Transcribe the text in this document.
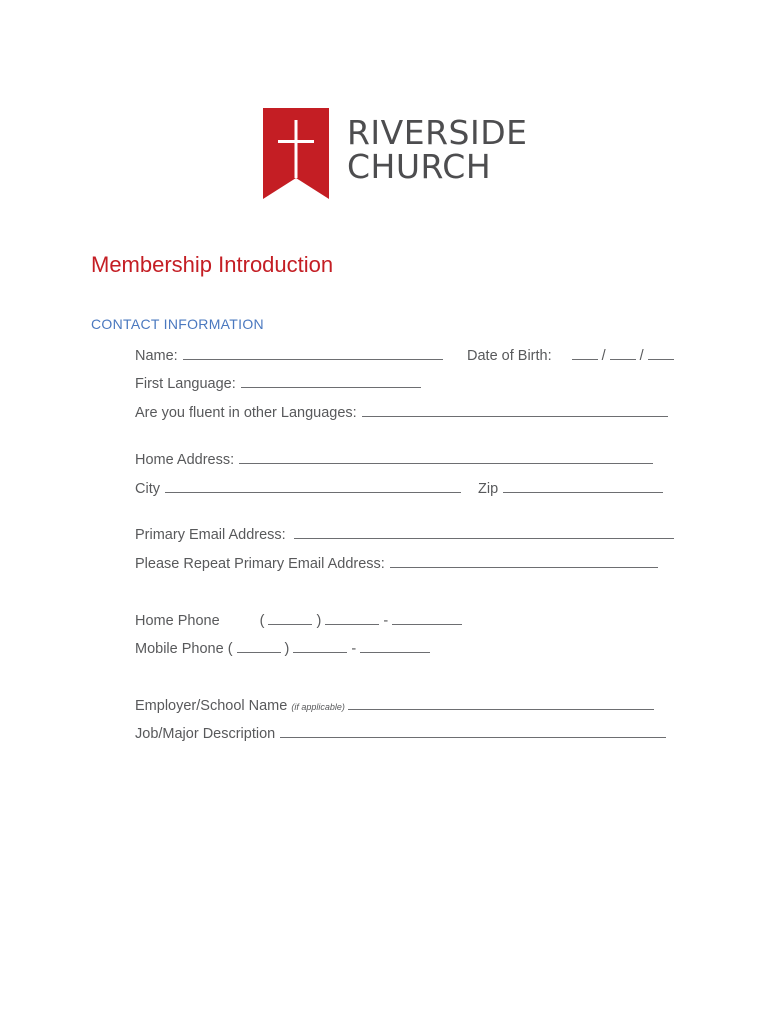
RIVERSIDE
CHURCH
Membership Introduction
CONTACT INFORMATION
Name:	Date of Birth:	/ /
First Language:
Are you fluent in other Languages:
Home Address:
City	Zip
Primary Email Address:
Please Repeat Primary Email Address:
Home Phone	(	)	-
Mobile Phone (	)	-
Employer/School Name (if applicable)
Job/Major Description
